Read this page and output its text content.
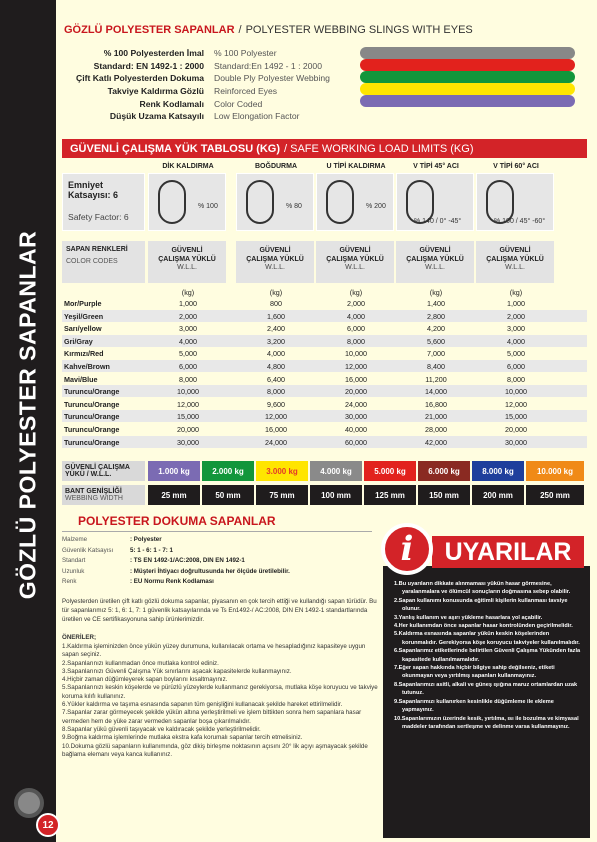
GÖZLÜ POLYESTER SAPANLAR
12
GÖZLÜ POLYESTER SAPANLAR / POLYESTER WEBBING SLINGS WITH EYES
% 100 Polyesterden İmal	% 100 Polyester
Standard: EN 1492-1 : 2000	Standard:En 1492 - 1 : 2000
Çift Katlı Polyesterden Dokuma	Double Ply Polyester Webbing
Takviye Kaldırma Gözlü	Reinforced Eyes
Renk Kodlamalı	Color Coded
Düşük Uzama Katsayılı	Low Elongation Factor
GÜVENLİ ÇALIŞMA YÜK TABLOSU (KG) / SAFE WORKING LOAD LIMITS (KG)
DİK KALDIRMA
% 100
BOĞDURMA
% 80
U TİPİ KALDIRMA
% 200
V TİPİ 45° ACI
% 140 / 0° -45°
V TİPİ 60° ACI
% 100 / 45° -60°
Emniyet
Katsayısı: 6
Safety Factor: 6
SAPAN RENKLERİ
COLOR CODES
GÜVENLİ
ÇALIŞMA YÜKLÜ
W.L.L.
(kg)
GÜVENLİ
ÇALIŞMA YÜKLÜ
W.L.L.
(kg)
GÜVENLİ
ÇALIŞMA YÜKLÜ
W.L.L.
(kg)
GÜVENLİ
ÇALIŞMA YÜKLÜ
W.L.L.
(kg)
GÜVENLİ
ÇALIŞMA YÜKLÜ
W.L.L.
(kg)
Mor/Purple	1,000	800	2,000	1,400	1,000
Yeşil/Green	2,000	1,600	4,000	2,800	2,000
Sarı/yellow	3,000	2,400	6,000	4,200	3,000
Gri/Gray	4,000	3,200	8,000	5,600	4,000
Kırmızı/Red	5,000	4,000	10,000	7,000	5,000
Kahve/Brown	6,000	4,800	12,000	8,400	6,000
Mavi/Blue	8,000	6,400	16,000	11,200	8,000
Turuncu/Orange	10,000	8,000	20,000	14,000	10,000
Turuncu/Orange	12,000	9,600	24,000	16,800	12,000
Turuncu/Orange	15,000	12,000	30,000	21,000	15,000
Turuncu/Orange	20,000	16,000	40,000	28,000	20,000
Turuncu/Orange	30,000	24,000	60,000	42,000	30,000
GÜVENLİ ÇALIŞMA
YÜKÜ / W.L.L.	1.000 kg	2.000 kg	3.000 kg	4.000 kg	5.000 kg	6.000 kg	8.000 kg	10.000 kg
BANT GENİŞLİĞİ
WEBBING WIDTH	25 mm	50 mm	75 mm	100 mm	125 mm	150 mm	200 mm	250 mm
POLYESTER DOKUMA SAPANLAR
Malzeme	: Polyester
Güvenlik Katsayısı	5: 1 - 6: 1 - 7: 1
Standart	: TS EN 1492-1/AC:2008, DIN EN 1492-1
Uzunluk	: Müşteri İhtiyacı doğrultusunda her ölçüde üretilebilir.
Renk	: EU Normu Renk Kodlaması
Polyesterden üretilen çift katlı gözlü dokuma sapanlar, piyasanın en çok tercih ettiği ve kullandığı sapan türüdür. Bu tür sapanlarımız 5: 1, 6: 1, 7: 1 güvenlik katsayılarında ve Ts En1492-/ AC:2008, DIN EN 1492-1 standartlarında üretilen ve CE sertifikasyonuna sahip ürünlerimizdir.
ÖNERİLER;
1.Kaldırma işleminizden önce yükün yüzey durumuna, kullanılacak ortama ve hesapladığınız kapasiteye uygun sapan seçiniz.
2.Sapanlarınızı kullanmadan önce mutlaka kontrol ediniz.
3.Sapanlarınızı Güvenli Çalışma Yük sınırlarını aşacak kapasitelerde kullanmayınız.
4.Hiçbir zaman düğümleyerek sapan boylarını kısaltmayınız.
5.Sapanlarınızı keskin köşelerde ve pürüzlü yüzeylerde kullanmanız gerekiyorsa, mutlaka köşe koruyucu ve takviye koruma kılıfı kullanınız.
6.Yükler kaldırma ve taşıma esnasında sapanın tüm genişliğini kullanacak şekilde hareket ettirilmelidir.
7.Sapanlar zarar görmeyecek şekilde yükün altına yerleştirilmeli ve işlem bittikten sonra hem sapanlara hasar vermeden hem de yüke zarar vermeden sapanlar boşa çıkarılmalıdır.
8.Sapanlar yükü güvenli taşıyacak ve kaldıracak şekilde yerleştirilmelidir.
9.Boğma kaldırma işlemlerinde mutlaka ekstra kafa korumalı sapanlar tercih etmelisiniz.
10.Dokuma gözlü sapanların kullanımında, göz dikiş birleşme noktasının açısını 20° lik açıyı aşmayacak şekilde bağlama elemanı veya kanca kullanınız.
UYARILAR
i
1.Bu uyarıların dikkate alınmaması yükün hasar görmesine, yaralanmalara ve ölümcül sonuçların doğmasına sebep olabilir.
2.Sapan kullanımı konusunda eğitimli kişilerin kullanması tavsiye olunur.
3.Yanlış kullanım ve aşırı yükleme hasarlara yol açabilir.
4.Her kullanımdan önce sapanlar hasar kontrolünden geçirilmelidir.
5.Kaldırma esnasında sapanlar yükün keskin köşelerinden korunmalıdır. Gerekiyorsa köşe koruyucu takviyeler kullanılmalıdır.
6.Sapanlarımız etiketlerinde belirtilen Güvenli Çalışma Yükünden fazla kapasitede kullanılmamalıdır.
7.Eğer sapan hakkında hiçbir bilgiye sahip değilseniz, etiketi okunmayan veya yırtılmış sapanları kullanmayınız.
8.Sapanlarımızı asitli, alkali ve güneş ışığına maruz ortamlardan uzak tutunuz.
9.Sapanlarımızı kullanırken kesinlikle düğümleme ile ekleme yapmayınız.
10.Sapanlarımızın üzerinde kesik, yırtılma, ısı ile bozulma ve kimyasal maddeler tarafından sertleşme ve delinme varsa kullanmayınız.
